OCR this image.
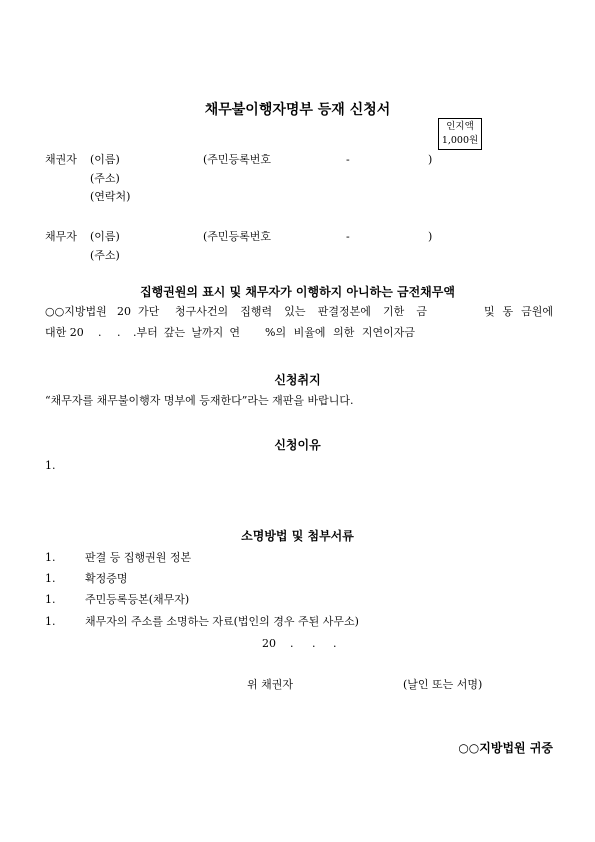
채무불이행자명부 등재 신청서
인지액
1,000원
채권자 (이름)	(주민등록번호	-	)
(주소)
(연락처)
채무자 (이름)	(주민등록번호	-	)
(주소)
집행권원의 표시 및 채무자가 이행하지 아니하는 금전채무액
○○지방법원 20 가단 청구사건의 집행력 있는 판결정본에 기한 금	및 동 금원에
대한 20 . . .부터 갚는 날까지 연 %의 비율에 의한 지연이자금
신청취지
“채무자를 채무불이행자 명부에 등재한다”라는 재판을 바랍니다.
신청이유
1.
소명방법 및 첨부서류
1.	판결 등 집행권원 정본
1.	확정증명
1.	주민등록등본(채무자)
1.	채무자의 주소를 소명하는 자료(법인의 경우 주된 사무소)
20 . . .
위 채권자	(날인 또는 서명)
○○지방법원 귀중
